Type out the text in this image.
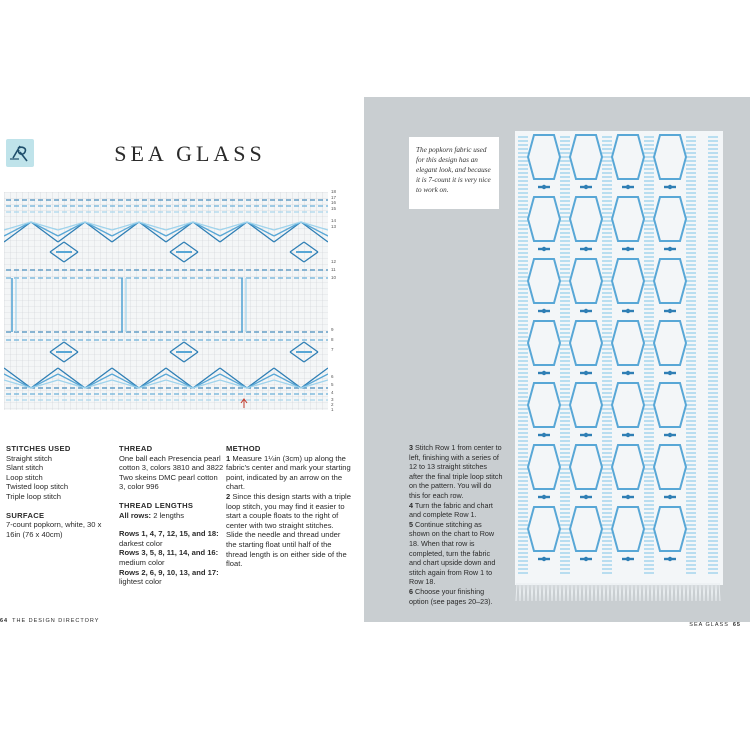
SEA GLASS
18
17
16
15
14
13
12
11
10
9
8
7
6
5
4
3
2
1
STITCHES USED
Straight stitch
Slant stitch
Loop stitch
Twisted loop stitch
Triple loop stitch
SURFACE
7-count popkorn, white, 30 x 16in (76 x 40cm)
THREAD
One ball each Presencia pearl cotton 3, colors 3810 and 3822 Two skeins DMC pearl cotton 3, color 996
THREAD LENGTHS
All rows: 2 lengths
Rows 1, 4, 7, 12, 15, and 18: darkest color
Rows 3, 5, 8, 11, 14, and 16: medium color
Rows 2, 6, 9, 10, 13, and 17: lightest color
METHOD
1 Measure 1¼in (3cm) up along the fabric's center and mark your starting point, indicated by an arrow on the chart.
2 Since this design starts with a triple loop stitch, you may find it easier to start a couple floats to the right of center with two straight stitches. Slide the needle and thread under the starting float until half of the thread length is on either side of the float.
64 THE DESIGN DIRECTORY
The popkorn fabric used for this design has an elegant look, and because it is 7-count it is very nice to work on.
3 Stitch Row 1 from center to left, finishing with a series of 12 to 13 straight stitches after the final triple loop stitch on the pattern. You will do this for each row.
4 Turn the fabric and chart and complete Row 1.
5 Continue stitching as shown on the chart to Row 18. When that row is completed, turn the fabric and chart upside down and stitch again from Row 1 to Row 18.
6 Choose your finishing option (see pages 20–23).
SEA GLASS 65
